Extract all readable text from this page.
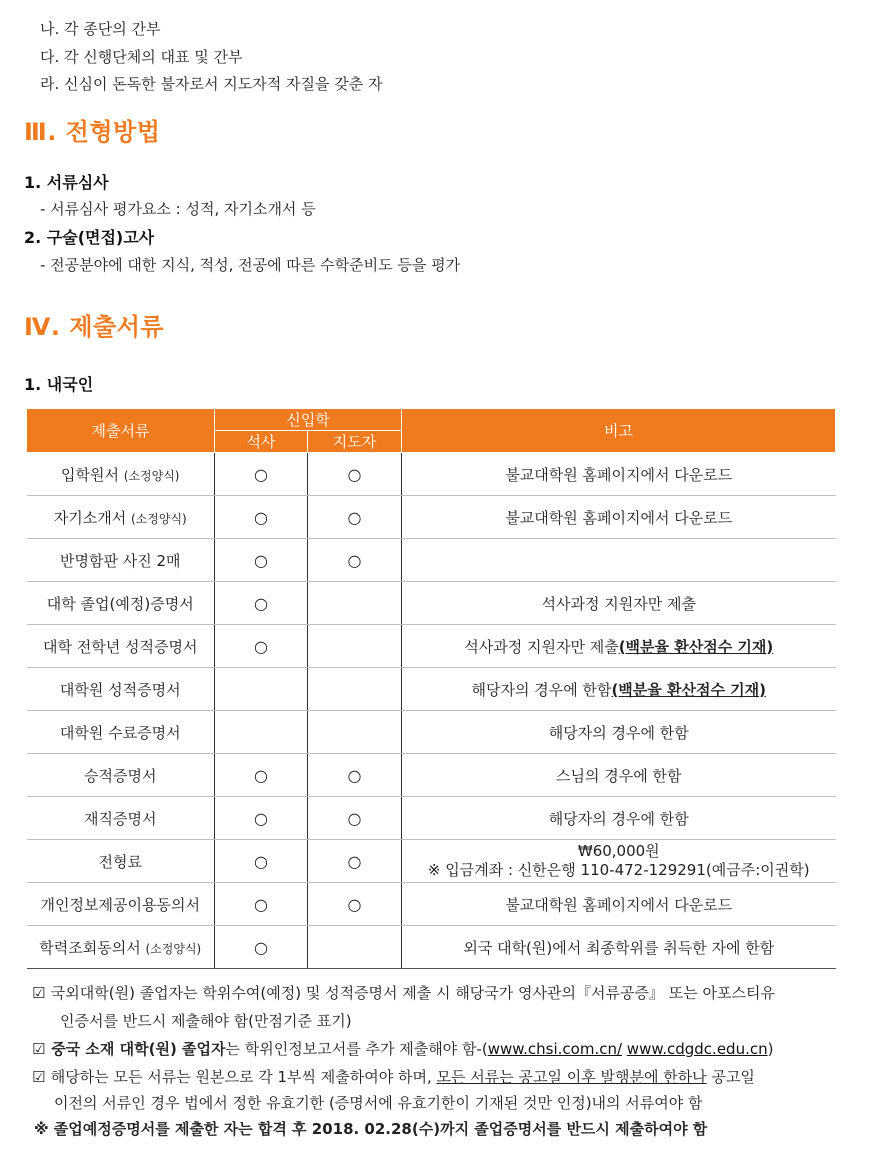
나. 각 종단의 간부
다. 각 신행단체의 대표 및 간부
라. 신심이 돈독한 불자로서 지도자적 자질을 갖춘 자
Ⅲ. 전형방법
1. 서류심사
- 서류심사 평가요소 : 성적, 자기소개서 등
2. 구술(면접)고사
- 전공분야에 대한 지식, 적성, 전공에 따른 수학준비도 등을 평가
Ⅳ. 제출서류
1. 내국인
제출서류	신입학		비고
	석사	지도자	
입학원서 (소정양식)	○	○	불교대학원 홈페이지에서 다운로드
자기소개서 (소정양식)	○	○	불교대학원 홈페이지에서 다운로드
반명함판 사진 2매	○	○	
대학 졸업(예정)증명서	○		석사과정 지원자만 제출
대학 전학년 성적증명서	○		석사과정 지원자만 제출(백분율 환산점수 기재)
대학원 성적증명서			해당자의 경우에 한함(백분율 환산점수 기재)
대학원 수료증명서			해당자의 경우에 한함
승적증명서	○	○	스님의 경우에 한함
재직증명서	○	○	해당자의 경우에 한함
전형료	○	○	₩60,000원
※ 입금계좌 : 신한은행 110-472-129291(예금주:이권학)

개인정보제공이용동의서	○	○	불교대학원 홈페이지에서 다운로드
학력조회동의서 (소정양식)	○		외국 대학(원)에서 최종학위를 취득한 자에 한함
☑ 국외대학(원) 졸업자는 학위수여(예정) 및 성적증명서 제출 시 해당국가 영사관의『서류공증』 또는 아포스티유
인증서를 반드시 제출해야 함(만점기준 표기)
☑ 중국 소재 대학(원) 졸업자는 학위인정보고서를 추가 제출해야 함-(www.chsi.com.cn/ www.cdgdc.edu.cn)
☑ 해당하는 모든 서류는 원본으로 각 1부씩 제출하여야 하며, 모든 서류는 공고일 이후 발행분에 한하나 공고일
이전의 서류인 경우 법에서 정한 유효기한 (증명서에 유효기한이 기재된 것만 인정)내의 서류여야 함
※ 졸업예정증명서를 제출한 자는 합격 후 2018. 02.28(수)까지 졸업증명서를 반드시 제출하여야 함
